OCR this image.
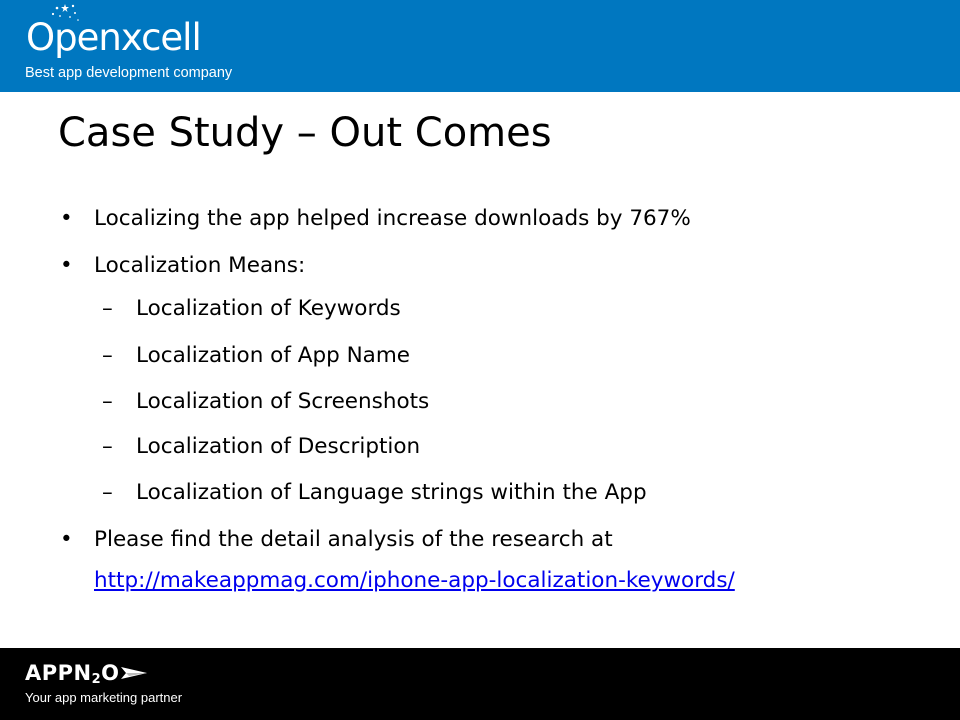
Openxcell
Best app development company
Case Study – Out Comes
• Localizing the app helped increase downloads by 767%
• Localization Means:
– Localization of Keywords
– Localization of App Name
– Localization of Screenshots
– Localization of Description
– Localization of Language strings within the App
• Please find the detail analysis of the research at
http://makeappmag.com/iphone-app-localization-keywords/
$APPN_2O$
Your app marketing partner
